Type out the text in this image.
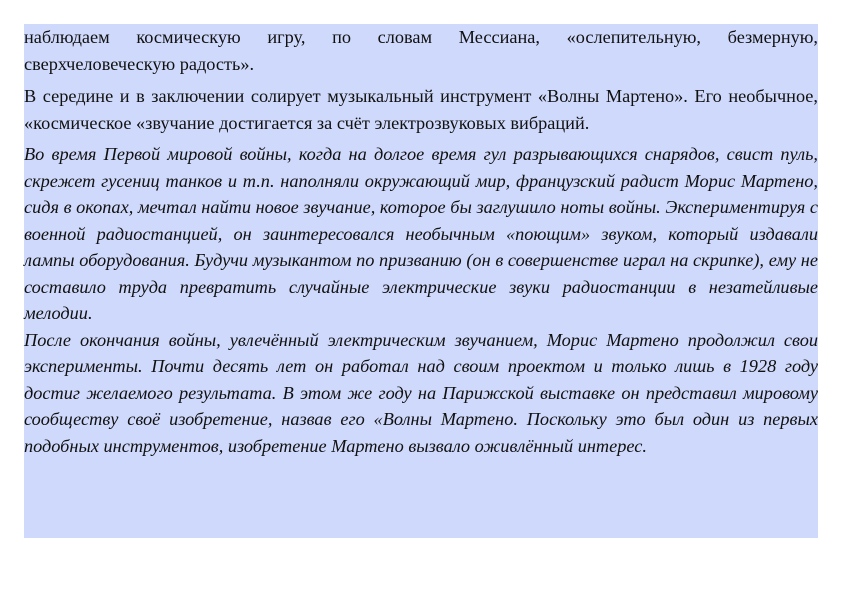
наблюдаем космическую игру, по словам Мессиана, «ослепительную, безмерную, сверхчеловеческую радость».

В середине и в заключении солирует музыкальный инструмент «Волны Мартено». Его необычное, «космическое «звучание достигается за счёт электрозвуковых вибраций.

Во время Первой мировой войны, когда на долгое время гул разрывающихся снарядов, свист пуль, скрежет гусениц танков и т.п. наполняли окружающий мир, французский радист Морис Мартено, сидя в окопах, мечтал найти новое звучание, которое бы заглушило ноты войны. Экспериментируя с военной радиостанцией, он заинтересовался необычным «поющим» звуком, который издавали лампы оборудования. Будучи музыкантом по призванию (он в совершенстве играл на скрипке), ему не составило труда превратить случайные электрические звуки радиостанции в незатейливые мелодии.

После окончания войны, увлечённый электрическим звучанием, Морис Мартено продолжил свои эксперименты. Почти десять лет он работал над своим проектом и только лишь в 1928 году достиг желаемого результата. В этом же году на Парижской выставке он представил мировому сообществу своё изобретение, назвав его «Волны Мартено. Поскольку это был один из первых подобных инструментов, изобретение Мартено вызвало оживлённый интерес.
